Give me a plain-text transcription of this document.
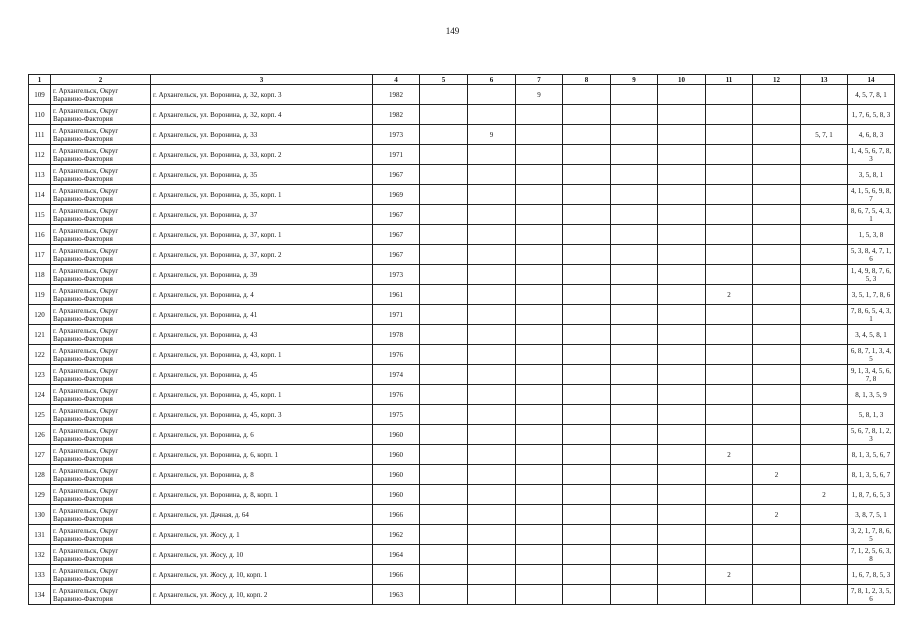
149
1	2	3	4	5	6	7	8	9	10	11	12	13	14
109	г. Архангельск, Округ Варавино-Фактория	г. Архангельск, ул. Воронина, д. 32, корп. 3	1982			9							4, 5, 7, 8, 1
110	г. Архангельск, Округ Варавино-Фактория	г. Архангельск, ул. Воронина, д. 32, корп. 4	1982										1, 7, 6, 5, 8, 3
111	г. Архангельск, Округ Варавино-Фактория	г. Архангельск, ул. Воронина, д. 33	1973		9							5, 7, 1	4, 6, 8, 3
112	г. Архангельск, Округ Варавино-Фактория	г. Архангельск, ул. Воронина, д. 33, корп. 2	1971										1, 4, 5, 6, 7, 8, 3
113	г. Архангельск, Округ Варавино-Фактория	г. Архангельск, ул. Воронина, д. 35	1967										3, 5, 8, 1
114	г. Архангельск, Округ Варавино-Фактория	г. Архангельск, ул. Воронина, д. 35, корп. 1	1969										4, 1, 5, 6, 9, 8, 7
115	г. Архангельск, Округ Варавино-Фактория	г. Архангельск, ул. Воронина, д. 37	1967										8, 6, 7, 5, 4, 3, 1
116	г. Архангельск, Округ Варавино-Фактория	г. Архангельск, ул. Воронина, д. 37, корп. 1	1967										1, 5, 3, 8
117	г. Архангельск, Округ Варавино-Фактория	г. Архангельск, ул. Воронина, д. 37, корп. 2	1967										5, 3, 8, 4, 7, 1, 6
118	г. Архангельск, Округ Варавино-Фактория	г. Архангельск, ул. Воронина, д. 39	1973										1, 4, 9, 8, 7, 6, 5, 3
119	г. Архангельск, Округ Варавино-Фактория	г. Архангельск, ул. Воронина, д. 4	1961							2			3, 5, 1, 7, 8, 6
120	г. Архангельск, Округ Варавино-Фактория	г. Архангельск, ул. Воронина, д. 41	1971										7, 8, 6, 5, 4, 3, 1
121	г. Архангельск, Округ Варавино-Фактория	г. Архангельск, ул. Воронина, д. 43	1978										3, 4, 5, 8, 1
122	г. Архангельск, Округ Варавино-Фактория	г. Архангельск, ул. Воронина, д. 43, корп. 1	1976										6, 8, 7, 1, 3, 4, 5
123	г. Архангельск, Округ Варавино-Фактория	г. Архангельск, ул. Воронина, д. 45	1974										9, 1, 3, 4, 5, 6, 7, 8
124	г. Архангельск, Округ Варавино-Фактория	г. Архангельск, ул. Воронина, д. 45, корп. 1	1976										8, 1, 3, 5, 9
125	г. Архангельск, Округ Варавино-Фактория	г. Архангельск, ул. Воронина, д. 45, корп. 3	1975										5, 8, 1, 3
126	г. Архангельск, Округ Варавино-Фактория	г. Архангельск, ул. Воронина, д. 6	1960										5, 6, 7, 8, 1, 2, 3
127	г. Архангельск, Округ Варавино-Фактория	г. Архангельск, ул. Воронина, д. 6, корп. 1	1960							2			8, 1, 3, 5, 6, 7
128	г. Архангельск, Округ Варавино-Фактория	г. Архангельск, ул. Воронина, д. 8	1960								2		8, 1, 3, 5, 6, 7
129	г. Архангельск, Округ Варавино-Фактория	г. Архангельск, ул. Воронина, д. 8, корп. 1	1960									2	1, 8, 7, 6, 5, 3
130	г. Архангельск, Округ Варавино-Фактория	г. Архангельск, ул. Дачная, д. 64	1966								2		3, 8, 7, 5, 1
131	г. Архангельск, Округ Варавино-Фактория	г. Архангельск, ул. Жосу, д. 1	1962										3, 2, 1, 7, 8, 6, 5
132	г. Архангельск, Округ Варавино-Фактория	г. Архангельск, ул. Жосу, д. 10	1964										7, 1, 2, 5, 6, 3, 8
133	г. Архангельск, Округ Варавино-Фактория	г. Архангельск, ул. Жосу, д. 10, корп. 1	1966							2			1, 6, 7, 8, 5, 3
134	г. Архангельск, Округ Варавино-Фактория	г. Архангельск, ул. Жосу, д. 10, корп. 2	1963										7, 8, 1, 2, 3, 5, 6
